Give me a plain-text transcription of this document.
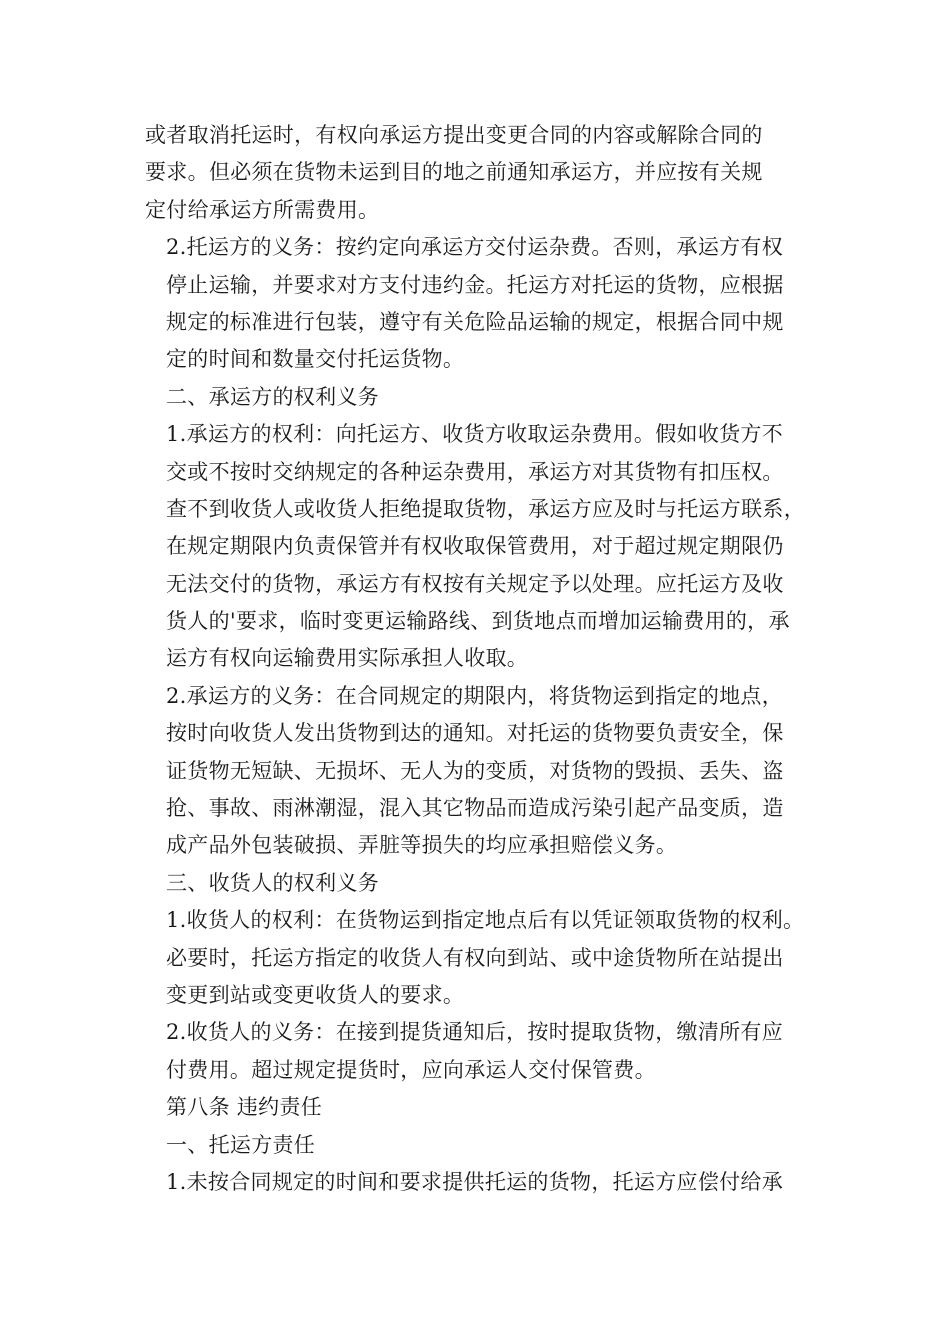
或者取消托运时，有权向承运方提出变更合同的内容或解除合同的
要求。但必须在货物未运到目的地之前通知承运方，并应按有关规
定付给承运方所需费用。

2.托运方的义务：按约定向承运方交付运杂费。否则，承运方有权
停止运输，并要求对方支付违约金。托运方对托运的货物，应根据
规定的标准进行包装，遵守有关危险品运输的规定，根据合同中规
定的时间和数量交付托运货物。

二、承运方的权利义务

1.承运方的权利：向托运方、收货方收取运杂费用。假如收货方不
交或不按时交纳规定的各种运杂费用，承运方对其货物有扣压权。
查不到收货人或收货人拒绝提取货物，承运方应及时与托运方联系，
在规定期限内负责保管并有权收取保管费用，对于超过规定期限仍
无法交付的货物，承运方有权按有关规定予以处理。应托运方及收
货人的'要求，临时变更运输路线、到货地点而增加运输费用的，承
运方有权向运输费用实际承担人收取。

2.承运方的义务：在合同规定的期限内，将货物运到指定的地点，
按时向收货人发出货物到达的通知。对托运的货物要负责安全，保
证货物无短缺、无损坏、无人为的变质，对货物的毁损、丢失、盗
抢、事故、雨淋潮湿，混入其它物品而造成污染引起产品变质，造
成产品外包装破损、弄脏等损失的均应承担赔偿义务。

三、收货人的权利义务

1.收货人的权利：在货物运到指定地点后有以凭证领取货物的权利。
必要时，托运方指定的收货人有权向到站、或中途货物所在站提出
变更到站或变更收货人的要求。

2.收货人的义务：在接到提货通知后，按时提取货物，缴清所有应
付费用。超过规定提货时，应向承运人交付保管费。

第八条 违约责任

一、托运方责任

1.未按合同规定的时间和要求提供托运的货物，托运方应偿付给承
